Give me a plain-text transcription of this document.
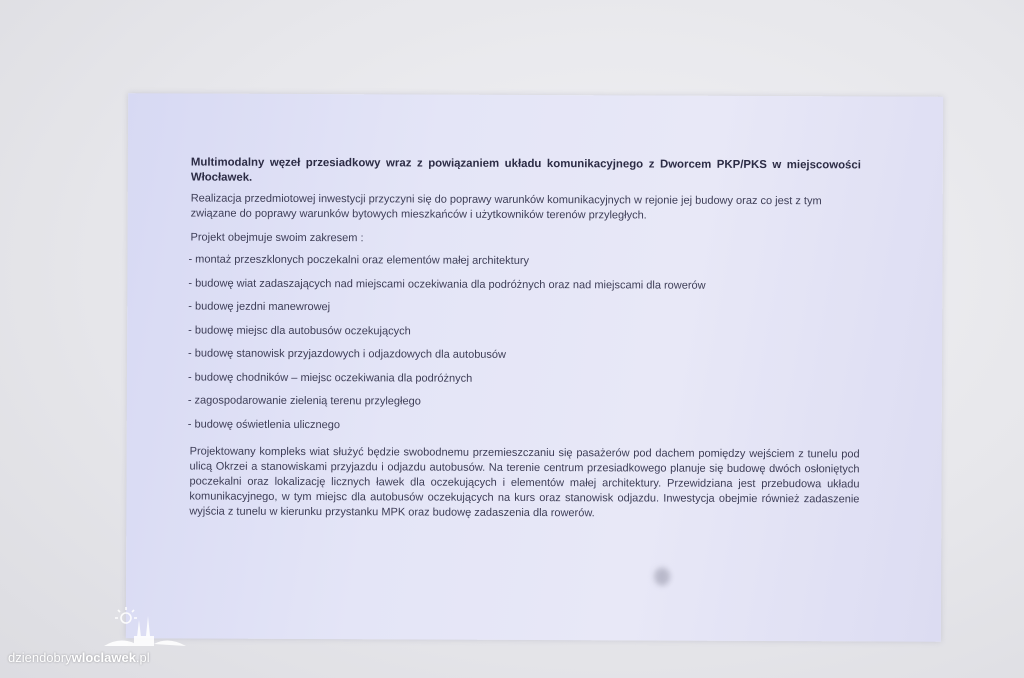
Multimodalny węzeł przesiadkowy wraz z powiązaniem układu komunikacyjnego z Dworcem PKP/PKS w miejscowości Włocławek.

Realizacja przedmiotowej inwestycji przyczyni się do poprawy warunków komunikacyjnych w rejonie jej budowy oraz co jest z tym związane do poprawy warunków bytowych mieszkańców i użytkowników terenów przyległych.

Projekt obejmuje swoim zakresem :

- montaż przeszklonych poczekalni oraz elementów małej architektury
- budowę wiat zadaszających nad miejscami oczekiwania dla podróżnych oraz nad miejscami dla rowerów
- budowę jezdni manewrowej
- budowę miejsc dla autobusów oczekujących
- budowę stanowisk przyjazdowych i odjazdowych dla autobusów
- budowę chodników – miejsc oczekiwania dla podróżnych
- zagospodarowanie zielenią terenu przyległego
- budowę oświetlenia ulicznego

Projektowany kompleks wiat służyć będzie swobodnemu przemieszczaniu się pasażerów pod dachem pomiędzy wejściem z tunelu pod ulicą Okrzei a stanowiskami przyjazdu i odjazdu autobusów. Na terenie centrum przesiadkowego planuje się budowę dwóch osłoniętych poczekalni oraz lokalizację licznych ławek dla oczekujących i elementów małej architektury. Przewidziana jest przebudowa układu komunikacyjnego, w tym miejsc dla autobusów oczekujących na kurs oraz stanowisk odjazdu. Inwestycja obejmie również zadaszenie wyjścia z tunelu w kierunku przystanku MPK oraz budowę zadaszenia dla rowerów.

dziendobrywloclawek.pl
